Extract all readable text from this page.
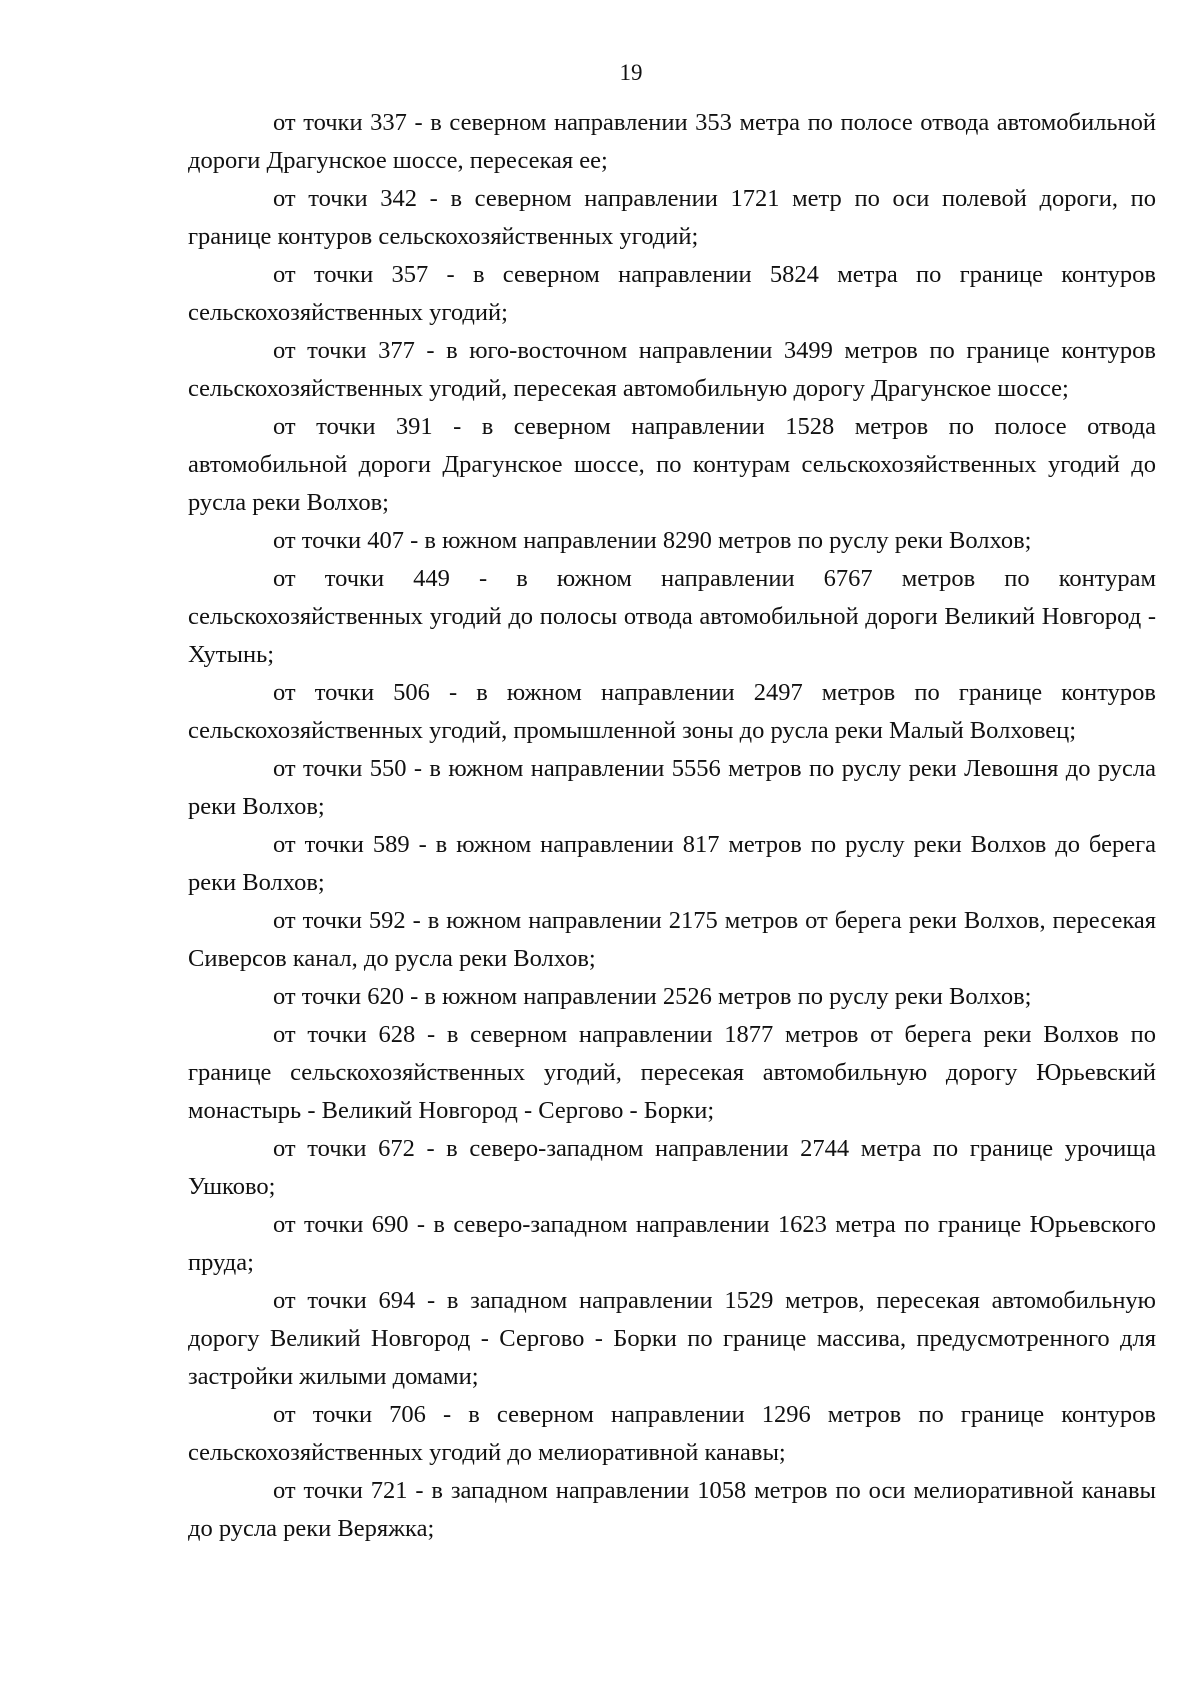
19

от точки 337 - в северном направлении 353 метра по полосе отвода автомобильной дороги Драгунское шоссе, пересекая ее;

от точки 342 - в северном направлении 1721 метр по оси полевой дороги, по границе контуров сельскохозяйственных угодий;

от точки 357 - в северном направлении 5824 метра по границе контуров сельскохозяйственных угодий;

от точки 377 - в юго-восточном направлении 3499 метров по границе контуров сельскохозяйственных угодий, пересекая автомобильную дорогу Драгунское шоссе;

от точки 391 - в северном направлении 1528 метров по полосе отвода автомобильной дороги Драгунское шоссе, по контурам сельскохозяйственных угодий до русла реки Волхов;

от точки 407 - в южном направлении 8290 метров по руслу реки Волхов;

от точки 449 - в южном направлении 6767 метров по контурам сельскохозяйственных угодий до полосы отвода автомобильной дороги Великий Новгород - Хутынь;

от точки 506 - в южном направлении 2497 метров по границе контуров сельскохозяйственных угодий, промышленной зоны до русла реки Малый Волховец;

от точки 550 - в южном направлении 5556 метров по руслу реки Левошня до русла реки Волхов;

от точки 589 - в южном направлении 817 метров по руслу реки Волхов до берега реки Волхов;

от точки 592 - в южном направлении 2175 метров от берега реки Волхов, пересекая Сиверсов канал, до русла реки Волхов;

от точки 620 - в южном направлении 2526 метров по руслу реки Волхов;

от точки 628 - в северном направлении 1877 метров от берега реки Волхов по границе сельскохозяйственных угодий, пересекая автомобильную дорогу Юрьевский монастырь - Великий Новгород - Сергово - Борки;

от точки 672 - в северо-западном направлении 2744 метра по границе урочища Ушково;

от точки 690 - в северо-западном направлении 1623 метра по границе Юрьевского пруда;

от точки 694 - в западном направлении 1529 метров, пересекая автомобильную дорогу Великий Новгород - Сергово - Борки по границе массива, предусмотренного для застройки жилыми домами;

от точки 706 - в северном направлении 1296 метров по границе контуров сельскохозяйственных угодий до мелиоративной канавы;

от точки 721 - в западном направлении 1058 метров по оси мелиоративной канавы до русла реки Веряжка;
